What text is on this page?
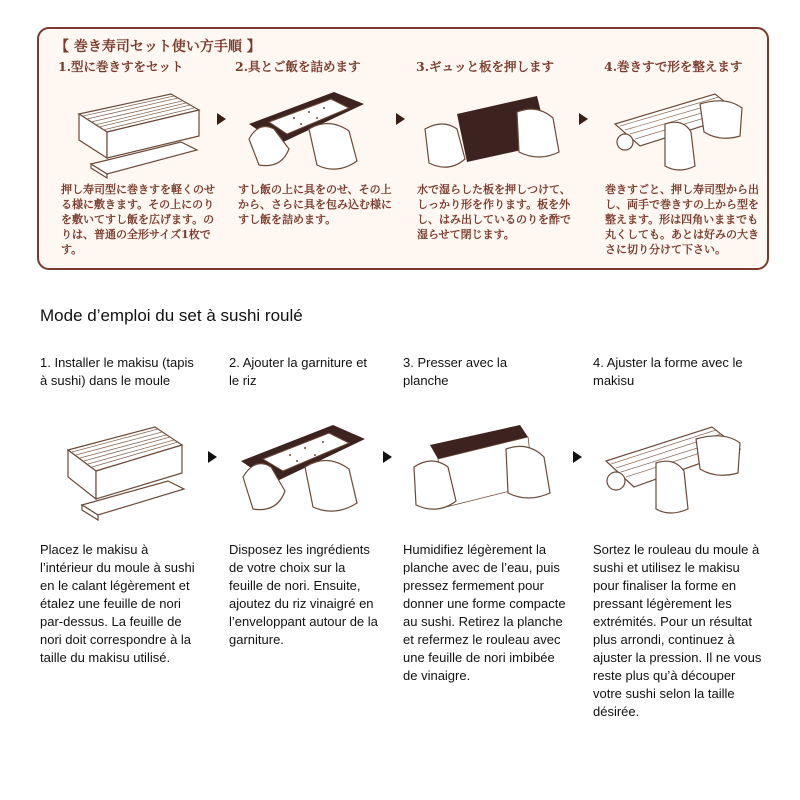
【 巻き寿司セット使い方手順 】
1.型に巻きすをセット
押し寿司型に巻きすを軽くのせる様に敷きます。その上にのりを敷いてすし飯を広げます。のりは、普通の全形サイズ1枚です。
2.具とご飯を詰めます
すし飯の上に具をのせ、その上から、さらに具を包み込む様にすし飯を詰めます。
3.ギュッと板を押します
水で湿らした板を押しつけて、しっかり形を作ります。板を外し、はみ出しているのりを酢で湿らせて閉じます。
4.巻きすで形を整えます
巻きすごと、押し寿司型から出し、両手で巻きすの上から型を整えます。形は四角いままでも丸くしても。あとは好みの大きさに切り分けて下さい。
Mode d’emploi du set à sushi roulé
1. Installer le makisu (tapis à sushi) dans le moule
2. Ajouter la garniture et le riz
3. Presser avec la planche
4. Ajuster la forme avec le makisu
Placez le makisu à l’intérieur du moule à sushi en le calant légèrement et étalez une feuille de nori par-dessus. La feuille de nori doit correspondre à la taille du makisu utilisé.
Disposez les ingrédients de votre choix sur la feuille de nori. Ensuite, ajoutez du riz vinaigré en l’enveloppant autour de la garniture.
Humidifiez légèrement la planche avec de l’eau, puis pressez fermement pour donner une forme compacte au sushi. Retirez la planche et refermez le rouleau avec une feuille de nori imbibée de vinaigre.
Sortez le rouleau du moule à sushi et utilisez le makisu pour finaliser la forme en pressant légèrement les extrémités. Pour un résultat plus arrondi, continuez à ajuster la pression. Il ne vous reste plus qu’à découper votre sushi selon la taille désirée.
